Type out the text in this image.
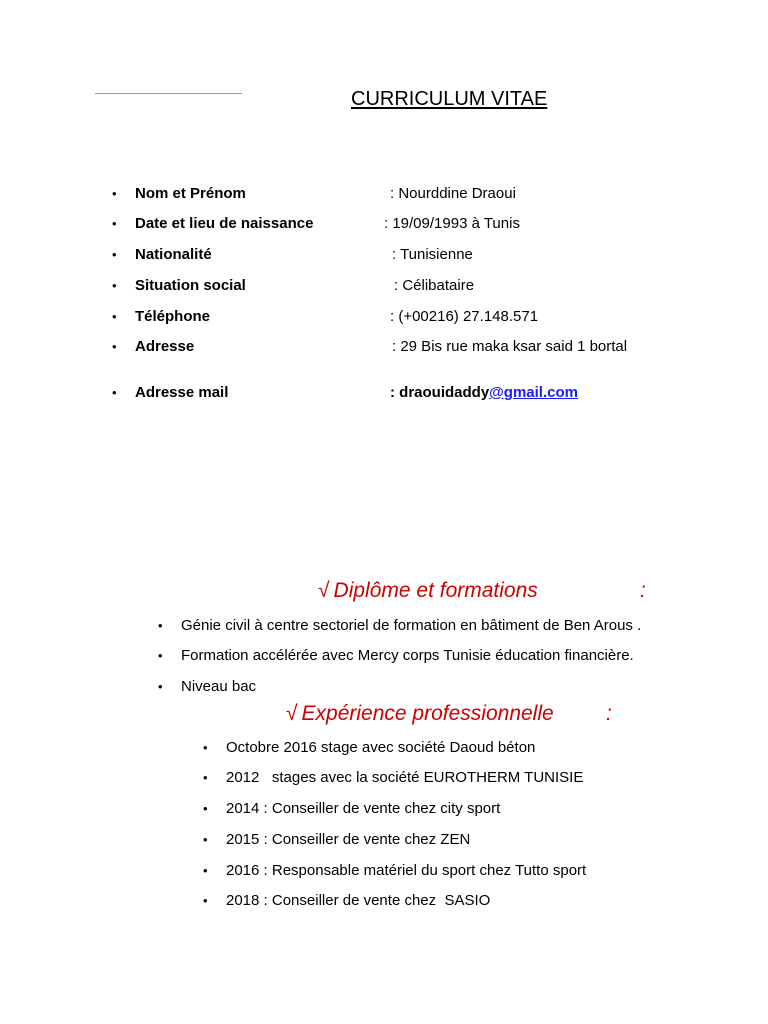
CURRICULUM VITAE
• Nom et Prénom	: Nourddine Draoui
• Date et lieu de naissance	: 19/09/1993 à Tunis
• Nationalité	: Tunisienne
• Situation social	: Célibataire
• Téléphone	: (+00216) 27.148.571
• Adresse	: 29 Bis rue maka ksar said 1 bortal
• Adresse mail	: draouidaddy@gmail.com
√ Diplôme et formations	:
• Génie civil à centre sectoriel de formation en bâtiment de Ben Arous .
• Formation accélérée avec Mercy corps Tunisie éducation financière.
• Niveau bac
√ Expérience professionnelle :
• Octobre 2016 stage avec société Daoud béton
• 2012   stages avec la société EUROTHERM TUNISIE
• 2014 : Conseiller de vente chez city sport
• 2015 : Conseiller de vente chez ZEN
• 2016 : Responsable matériel du sport chez Tutto sport
• 2018 : Conseiller de vente chez  SASIO
